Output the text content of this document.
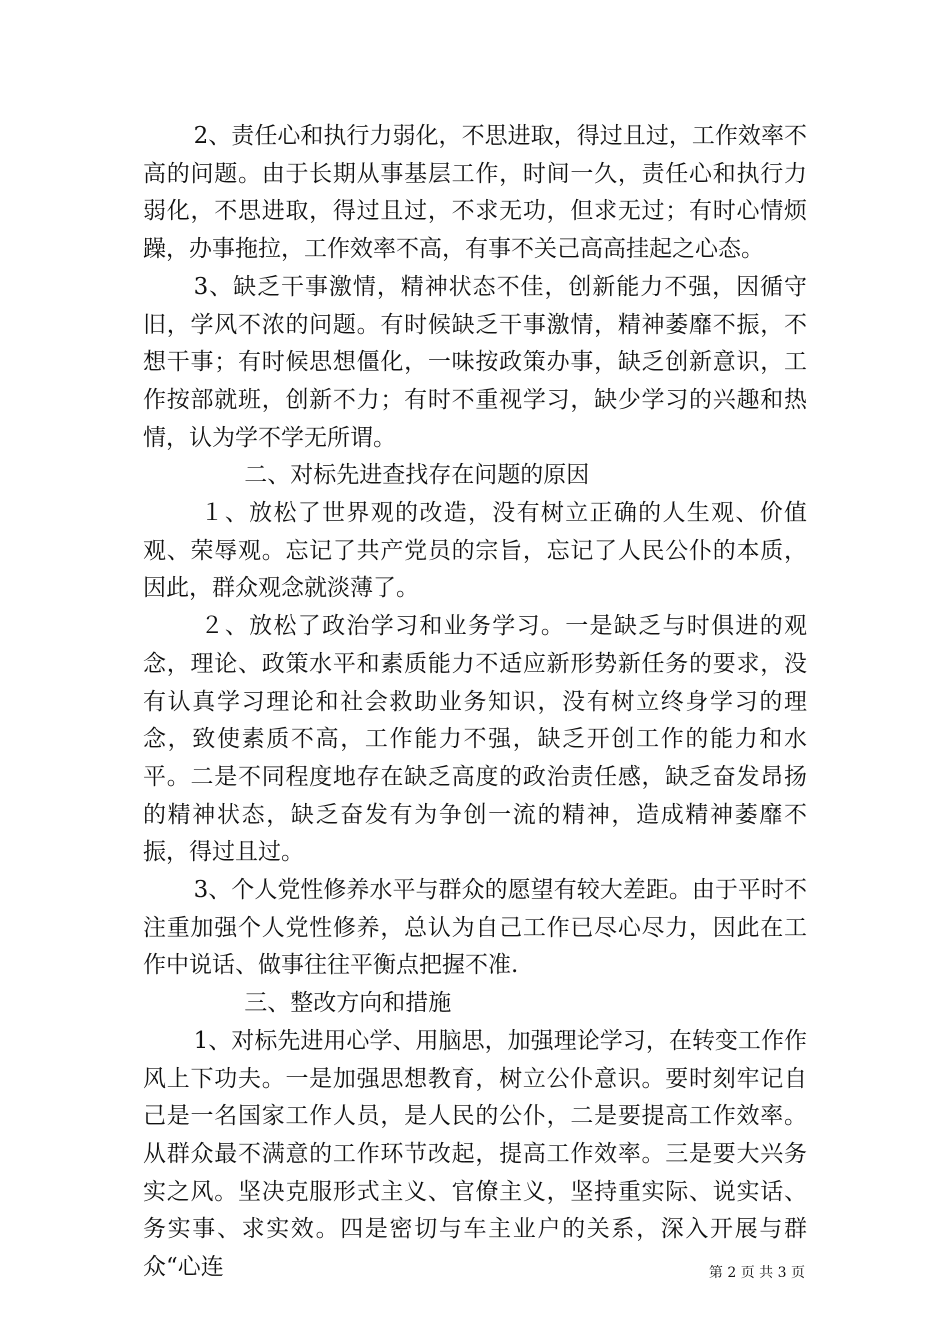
2、责任心和执行力弱化，不思进取，得过且过，工作效率不高的问题。由于长期从事基层工作，时间一久，责任心和执行力弱化，不思进取，得过且过，不求无功，但求无过；有时心情烦躁，办事拖拉，工作效率不高，有事不关己高高挂起之心态。

3、缺乏干事激情，精神状态不佳，创新能力不强，因循守旧，学风不浓的问题。有时候缺乏干事激情，精神萎靡不振，不想干事；有时候思想僵化，一味按政策办事，缺乏创新意识，工作按部就班，创新不力；有时不重视学习，缺少学习的兴趣和热情，认为学不学无所谓。

二、对标先进查找存在问题的原因

１、放松了世界观的改造，没有树立正确的人生观、价值观、荣辱观。忘记了共产党员的宗旨，忘记了人民公仆的本质，因此，群众观念就淡薄了。

２、放松了政治学习和业务学习。一是缺乏与时俱进的观念，理论、政策水平和素质能力不适应新形势新任务的要求，没有认真学习理论和社会救助业务知识，没有树立终身学习的理念，致使素质不高，工作能力不强，缺乏开创工作的能力和水平。二是不同程度地存在缺乏高度的政治责任感，缺乏奋发昂扬的精神状态，缺乏奋发有为争创一流的精神，造成精神萎靡不振，得过且过。

3、个人党性修养水平与群众的愿望有较大差距。由于平时不注重加强个人党性修养，总认为自己工作已尽心尽力，因此在工作中说话、做事往往平衡点把握不准.

三、整改方向和措施

1、对标先进用心学、用脑思，加强理论学习，在转变工作作风上下功夫。一是加强思想教育，树立公仆意识。要时刻牢记自己是一名国家工作人员，是人民的公仆，二是要提高工作效率。从群众最不满意的工作环节改起，提高工作效率。三是要大兴务实之风。坚决克服形式主义、官僚主义，坚持重实际、说实话、务实事、求实效。四是密切与车主业户的关系，深入开展与群众“心连	第 2 页 共 3 页
